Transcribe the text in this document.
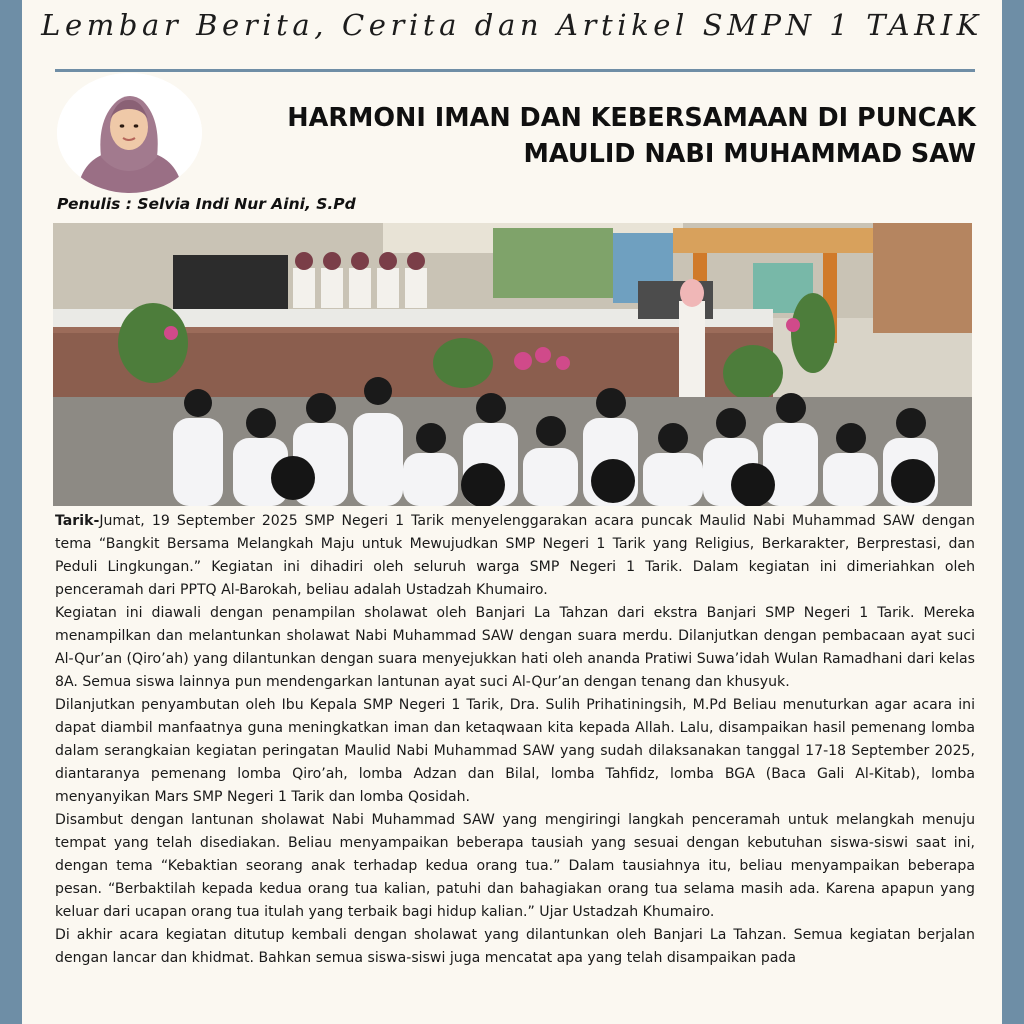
Lembar Berita, Cerita dan Artikel SMPN 1 TARIK
HARMONI IMAN DAN KEBERSAMAAN DI PUNCAK
MAULID NABI MUHAMMAD SAW
Penulis : Selvia Indi Nur Aini, S.Pd

Tarik-Jumat, 19 September 2025 SMP Negeri 1 Tarik menyelenggarakan acara puncak Maulid Nabi Muhammad SAW dengan tema “Bangkit Bersama Melangkah Maju untuk Mewujudkan SMP Negeri 1 Tarik yang Religius, Berkarakter, Berprestasi, dan Peduli Lingkungan.” Kegiatan ini dihadiri oleh seluruh warga SMP Negeri 1 Tarik. Dalam kegiatan ini dimeriahkan oleh penceramah dari PPTQ Al-Barokah, beliau adalah Ustadzah Khumairo.

Kegiatan ini diawali dengan penampilan sholawat oleh Banjari La Tahzan dari ekstra Banjari SMP Negeri 1 Tarik. Mereka menampilkan dan melantunkan sholawat Nabi Muhammad SAW dengan suara merdu. Dilanjutkan dengan pembacaan ayat suci Al-Qur’an (Qiro’ah) yang dilantunkan dengan suara menyejukkan hati oleh ananda Pratiwi Suwa’idah Wulan Ramadhani dari kelas 8A. Semua siswa lainnya pun mendengarkan lantunan ayat suci Al-Qur’an dengan tenang dan khusyuk.

Dilanjutkan penyambutan oleh Ibu Kepala SMP Negeri 1 Tarik, Dra. Sulih Prihatiningsih, M.Pd Beliau menuturkan agar acara ini dapat diambil manfaatnya guna meningkatkan iman dan ketaqwaan kita kepada Allah. Lalu, disampaikan hasil pemenang lomba dalam serangkaian kegiatan peringatan Maulid Nabi Muhammad SAW yang sudah dilaksanakan tanggal 17-18 September 2025, diantaranya pemenang lomba Qiro’ah, lomba Adzan dan Bilal, lomba Tahfidz, lomba BGA (Baca Gali Al-Kitab), lomba menyanyikan Mars SMP Negeri 1 Tarik dan lomba Qosidah.

Disambut dengan lantunan sholawat Nabi Muhammad SAW yang mengiringi langkah penceramah untuk melangkah menuju tempat yang telah disediakan. Beliau menyampaikan beberapa tausiah yang sesuai dengan kebutuhan siswa-siswi saat ini, dengan tema “Kebaktian seorang anak terhadap kedua orang tua.” Dalam tausiahnya itu, beliau menyampaikan beberapa pesan. “Berbaktilah kepada kedua orang tua kalian, patuhi dan bahagiakan orang tua selama masih ada. Karena apapun yang keluar dari ucapan orang tua itulah yang terbaik bagi hidup kalian.” Ujar Ustadzah Khumairo.

Di akhir acara kegiatan ditutup kembali dengan sholawat yang dilantunkan oleh Banjari La Tahzan. Semua kegiatan berjalan dengan lancar dan khidmat. Bahkan semua siswa-siswi juga mencatat apa yang telah disampaikan pada
